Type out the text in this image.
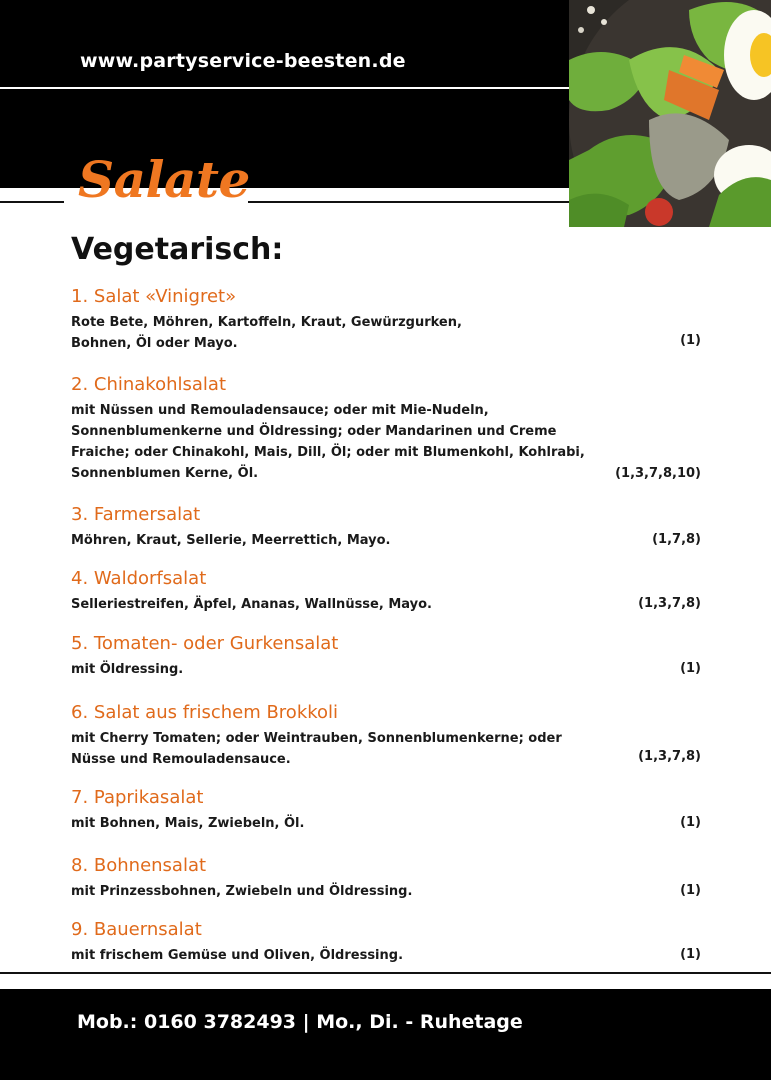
www.partyservice-beesten.de
Salate
Vegetarisch:
1. Salat «Vinigret»
Rote Bete, Möhren, Kartoffeln, Kraut, Gewürzgurken,
Bohnen, Öl oder Mayo.	(1)
2. Chinakohlsalat
mit Nüssen und Remouladensauce; oder mit Mie-Nudeln,
Sonnenblumenkerne und Öldressing; oder Mandarinen und Creme
Fraiche; oder Chinakohl, Mais, Dill, Öl; oder mit Blumenkohl, Kohlrabi,
Sonnenblumen Kerne, Öl.	(1,3,7,8,10)
3. Farmersalat
Möhren, Kraut, Sellerie, Meerrettich, Mayo.	(1,7,8)
4. Waldorfsalat
Selleriestreifen, Äpfel, Ananas, Wallnüsse, Mayo.	(1,3,7,8)
5. Tomaten- oder Gurkensalat
mit Öldressing.	(1)
6. Salat aus frischem Brokkoli
mit Cherry Tomaten; oder Weintrauben, Sonnenblumenkerne; oder
Nüsse und Remouladensauce.	(1,3,7,8)
7. Paprikasalat
mit Bohnen, Mais, Zwiebeln, Öl.	(1)
8. Bohnensalat
mit Prinzessbohnen, Zwiebeln und Öldressing.	(1)
9. Bauernsalat
mit frischem Gemüse und Oliven, Öldressing.	(1)
Mob.: 0160 3782493 | Mo., Di. - Ruhetage
